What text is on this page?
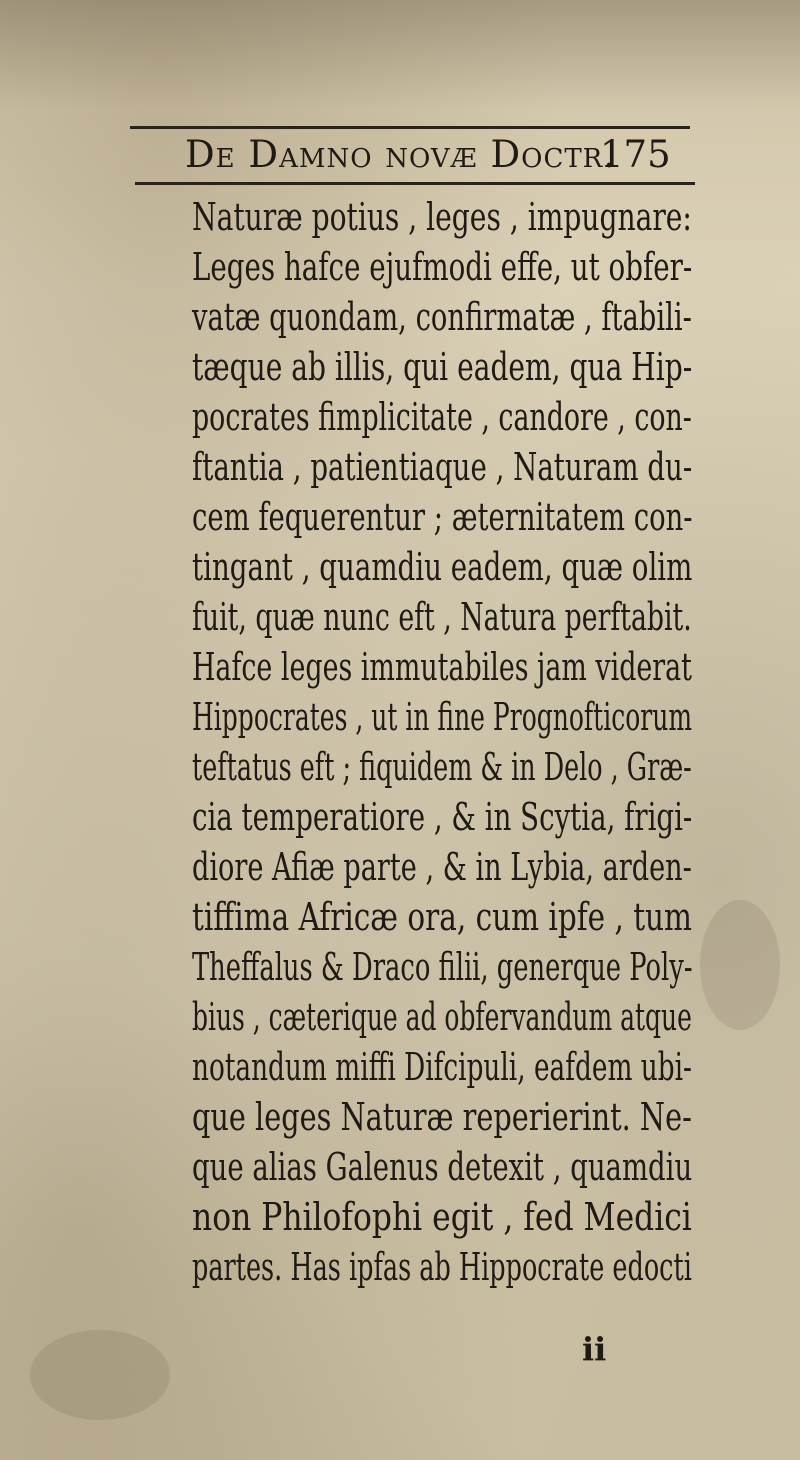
De Damno novæ Doctr.
175
Naturæ potius , leges , impugnare:
Leges hafce ejufmodi effe, ut obfer-
vatæ quondam, confirmatæ , ftabili-
tæque ab illis, qui eadem, qua Hip-
pocrates fimplicitate , candore , con-
ftantia , patientiaque , Naturam du-
cem fequerentur ; æternitatem con-
tingant , quamdiu eadem, quæ olim
fuit, quæ nunc eft , Natura perftabit.
Hafce leges immutabiles jam viderat
Hippocrates , ut in fine Prognofticorum
teftatus eft ; fiquidem & in Delo , Græ-
cia temperatiore , & in Scytia, frigi-
diore Afiæ parte , & in Lybia, arden-
tiffima Africæ ora, cum ipfe , tum
Theffalus & Draco filii, generque Poly-
bius , cæterique ad obfervandum atque
notandum miffi Difcipuli, eafdem ubi-
que leges Naturæ reperierint. Ne-
que alias Galenus detexit , quamdiu
non Philofophi egit , fed Medici
partes. Has ipfas ab Hippocrate edocti
ii
